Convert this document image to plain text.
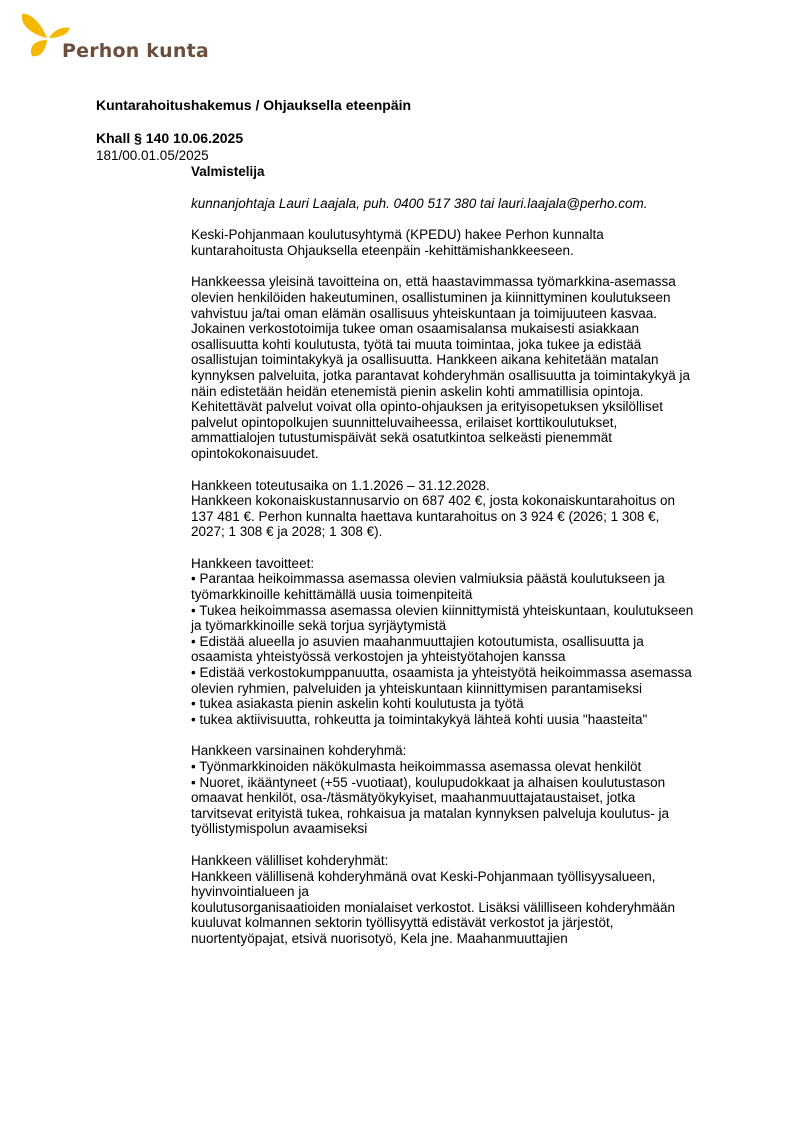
Perhon kunta
Kuntarahoitushakemus / Ohjauksella eteenpäin
Khall § 140 10.06.2025
181/00.01.05/2025

Valmistelija

kunnanjohtaja Lauri Laajala, puh. 0400 517 380 tai lauri.laajala@perho.com.

Keski-Pohjanmaan koulutusyhtymä (KPEDU) hakee Perhon kunnalta kuntarahoitusta Ohjauksella eteenpäin -kehittämishankkeeseen.

Hankkeessa yleisinä tavoitteina on, että haastavimmassa työmarkkina-asemassa olevien henkilöiden hakeutuminen, osallistuminen ja kiinnittyminen koulutukseen vahvistuu ja/tai oman elämän osallisuus yhteiskuntaan ja toimijuuteen kasvaa. Jokainen verkostotoimija tukee oman osaamisalansa mukaisesti asiakkaan osallisuutta kohti koulutusta, työtä tai muuta toimintaa, joka tukee ja edistää osallistujan toimintakykyä ja osallisuutta. Hankkeen aikana kehitetään matalan kynnyksen palveluita, jotka parantavat kohderyhmän osallisuutta ja toimintakykyä ja näin edistetään heidän etenemistä pienin askelin kohti ammatillisia opintoja. Kehitettävät palvelut voivat olla opinto-ohjauksen ja erityisopetuksen yksilölliset palvelut opintopolkujen suunnitteluvaiheessa, erilaiset korttikoulutukset, ammattialojen tutustumispäivät sekä osatutkintoa selkeästi pienemmät opintokokonaisuudet.

Hankkeen toteutusaika on 1.1.2026 – 31.12.2028.

Hankkeen kokonaiskustannusarvio on 687 402 €, josta kokonaiskuntarahoitus on 137 481 €. Perhon kunnalta haettava kuntarahoitus on 3 924 € (2026; 1 308 €, 2027; 1 308 € ja 2028; 1 308 €).

Hankkeen tavoitteet:

• Parantaa heikoimmassa asemassa olevien valmiuksia päästä koulutukseen ja työmarkkinoille kehittämällä uusia toimenpiteitä

• Tukea heikoimmassa asemassa olevien kiinnittymistä yhteiskuntaan, koulutukseen ja työmarkkinoille sekä torjua syrjäytymistä

• Edistää alueella jo asuvien maahanmuuttajien kotoutumista, osallisuutta ja osaamista yhteistyössä verkostojen ja yhteistyötahojen kanssa

• Edistää verkostokumppanuutta, osaamista ja yhteistyötä heikoimmassa asemassa olevien ryhmien, palveluiden ja yhteiskuntaan kiinnittymisen parantamiseksi

• tukea asiakasta pienin askelin kohti koulutusta ja työtä

• tukea aktiivisuutta, rohkeutta ja toimintakykyä lähteä kohti uusia "haasteita"

Hankkeen varsinainen kohderyhmä:

• Työnmarkkinoiden näkökulmasta heikoimmassa asemassa olevat henkilöt

• Nuoret, ikääntyneet (+55 -vuotiaat), koulupudokkaat ja alhaisen koulutustason omaavat henkilöt, osa-/täsmätyökykyiset, maahanmuuttajataustaiset, jotka tarvitsevat erityistä tukea, rohkaisua ja matalan kynnyksen palveluja koulutus- ja työllistymispolun avaamiseksi

Hankkeen välilliset kohderyhmät:

Hankkeen välillisenä kohderyhmänä ovat Keski-Pohjanmaan työllisyysalueen, hyvinvointialueen ja

koulutusorganisaatioiden monialaiset verkostot. Lisäksi välilliseen kohderyhmään kuuluvat kolmannen sektorin työllisyyttä edistävät verkostot ja järjestöt, nuortentyöpajat, etsivä nuorisotyö, Kela jne. Maahanmuuttajien
